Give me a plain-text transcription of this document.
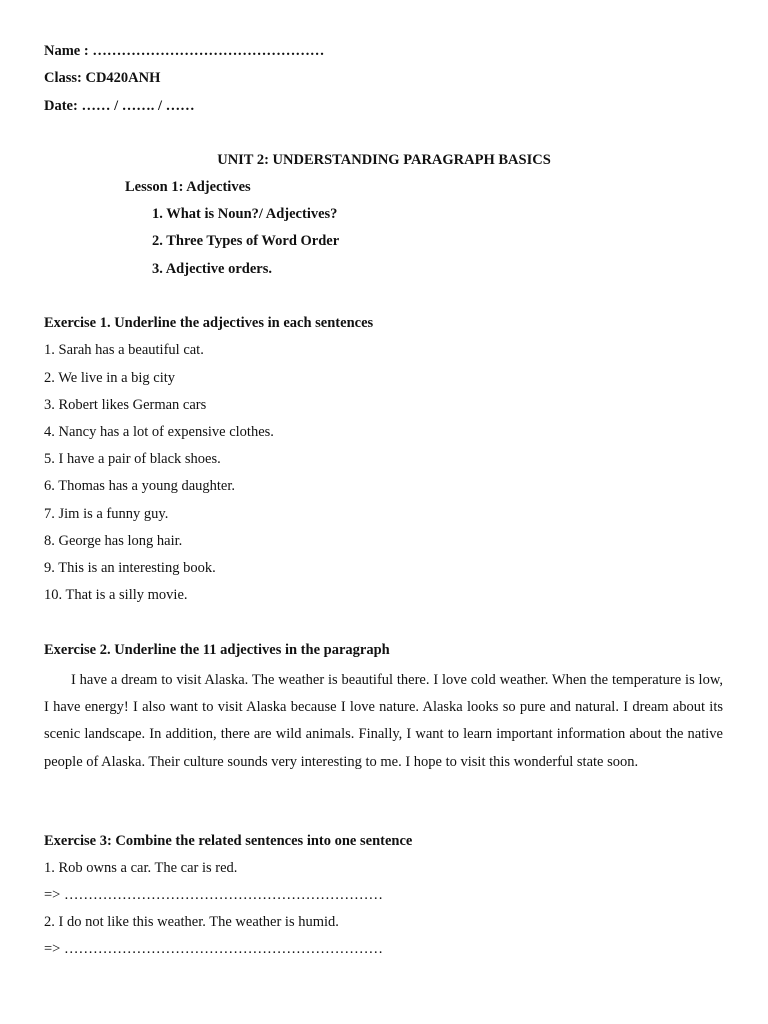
Name : …………………………………………
Class: CD420ANH
Date: …… / ……. / ……
UNIT 2: UNDERSTANDING PARAGRAPH BASICS
Lesson 1: Adjectives
1. What is Noun?/ Adjectives?
2. Three Types of Word Order
3. Adjective orders.
Exercise 1. Underline the adjectives in each sentences
1. Sarah has a beautiful cat.
2. We live in a big city
3. Robert likes German cars
4. Nancy has a lot of expensive clothes.
5. I have a pair of black shoes.
6. Thomas has a young daughter.
7. Jim is a funny guy.
8. George has long hair.
9. This is an interesting book.
10. That is a silly movie.
Exercise 2. Underline the 11 adjectives in the paragraph
I have a dream to visit Alaska. The weather is beautiful there. I love cold weather. When the temperature is low, I have energy! I also want to visit Alaska because I love nature. Alaska looks so pure and natural. I dream about its scenic landscape. In addition, there are wild animals. Finally, I want to learn important information about the native people of Alaska. Their culture sounds very interesting to me. I hope to visit this wonderful state soon.
Exercise 3: Combine the related sentences into one sentence
1. Rob owns a car. The car is red.
=> …………………………………………………………
2. I do not like this weather. The weather is humid.
=> …………………………………………………………
